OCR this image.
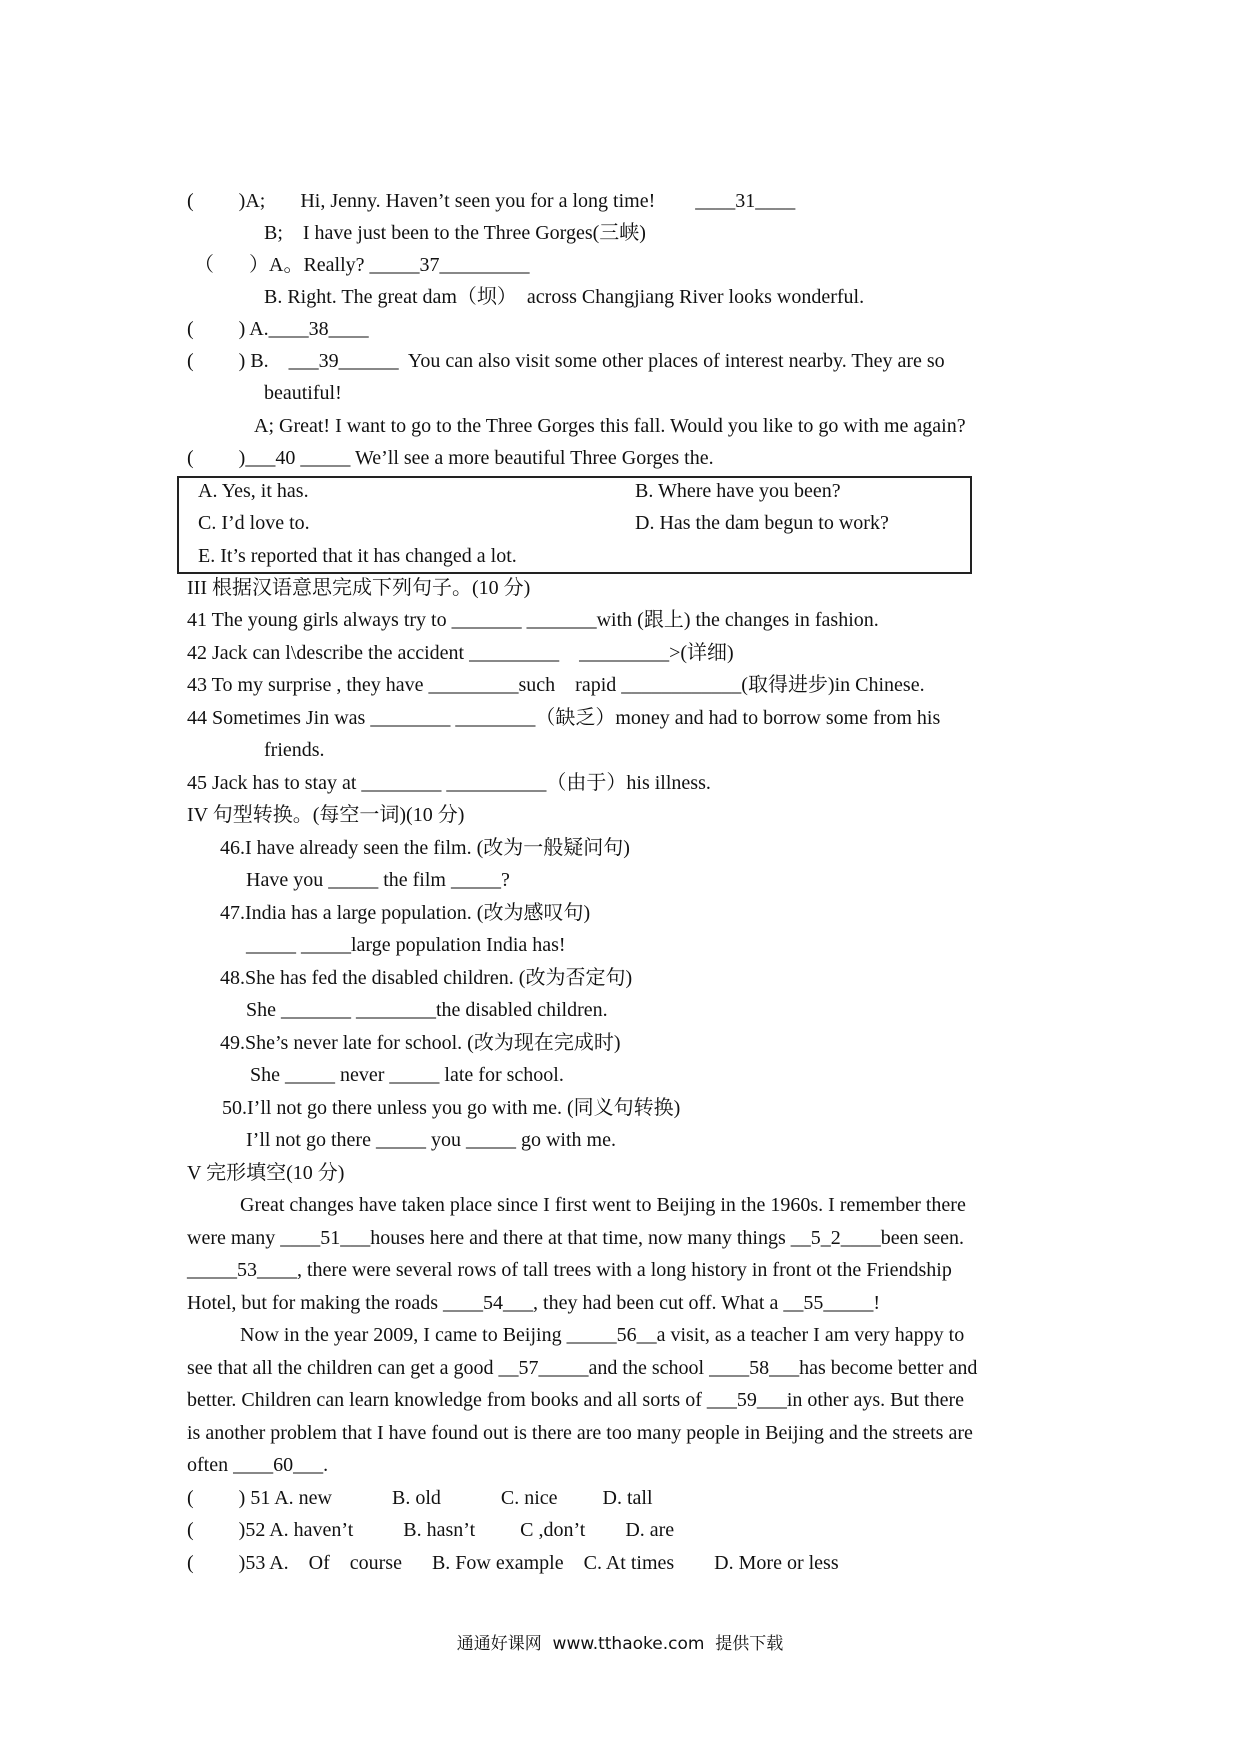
(         )A;       Hi, Jenny. Haven’t seen you for a long time!        ____31____
B;    I have just been to the Three Gorges(三峡)
（       ）A。Really? _____37_________
B. Right. The great dam（坝）  across Changjiang River looks wonderful.
(         ) A.____38____
(         ) B.    ___39______  You can also visit some other places of interest nearby. They are so
beautiful!
A; Great! I want to go to the Three Gorges this fall. Would you like to go with me again?
(         )___40 _____ We’ll see a more beautiful Three Gorges the.
A. Yes, it has.	B. Where have you been?
C. I’d love to.	D. Has the dam begun to work?
E. It’s reported that it has changed a lot.
III 根据汉语意思完成下列句子。(10 分)
41 The young girls always try to _______ _______with (跟上) the changes in fashion.
42 Jack can l\describe the accident _________    _________>(详细)
43 To my surprise , they have _________such    rapid ____________(取得进步)in Chinese.
44 Sometimes Jin was ________ ________（缺乏）money and had to borrow some from his
friends.
45 Jack has to stay at ________ __________（由于）his illness.
IV 句型转换。(每空一词)(10 分)
46.I have already seen the film. (改为一般疑问句)
Have you _____ the film _____?
47.India has a large population. (改为感叹句)
_____ _____large population India has!
48.She has fed the disabled children. (改为否定句)
She _______ ________the disabled children.
49.She’s never late for school. (改为现在完成时)
She _____ never _____ late for school.
50.I’ll not go there unless you go with me. (同义句转换)
I’ll not go there _____ you _____ go with me.
V 完形填空(10 分)
Great changes have taken place since I first went to Beijing in the 1960s. I remember there
were many ____51___houses here and there at that time, now many things __5_2____been seen.
_____53____, there were several rows of tall trees with a long history in front ot the Friendship
Hotel, but for making the roads ____54___, they had been cut off. What a __55_____!
Now in the year 2009, I came to Beijing _____56__a visit, as a teacher I am very happy to
see that all the children can get a good __57_____and the school ____58___has become better and
better. Children can learn knowledge from books and all sorts of ___59___in other ays. But there
is another problem that I have found out is there are too many people in Beijing and the streets are
often ____60___.
(         ) 51 A. new            B. old            C. nice         D. tall
(         )52 A. haven’t          B. hasn’t         C ,don’t        D. are
(         )53 A.    Of    course      B. Fow example    C. At times        D. More or less
通通好课网  www.tthaoke.com  提供下载
